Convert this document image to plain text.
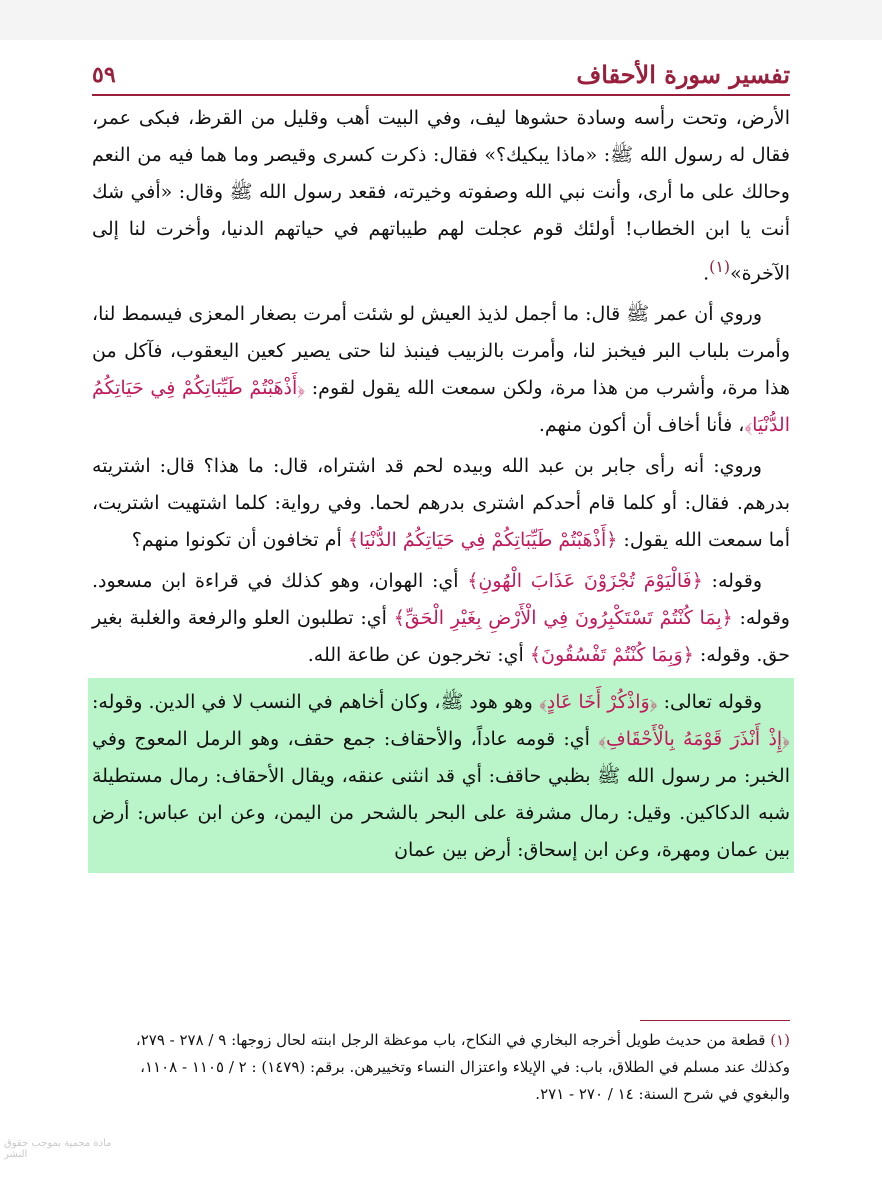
تفسير سورة الأحقاف
٥٩

الأرض، وتحت رأسه وسادة حشوها ليف، وفي البيت أهب وقليل من القرظ، فبكى عمر، فقال له رسول الله ﷺ: «ماذا يبكيك؟» فقال: ذكرت كسرى وقيصر وما هما فيه من النعم وحالك على ما أرى، وأنت نبي الله وصفوته وخيرته، فقعد رسول الله ﷺ وقال: «أفي شك أنت يا ابن الخطاب! أولئك قوم عجلت لهم طيباتهم في حياتهم الدنيا، وأخرت لنا إلى الآخرة»$^{(١)}$.

وروي أن عمر ﷺ قال: ما أجمل لذيذ العيش لو شئت أمرت بصغار المعزى فيسمط لنا، وأمرت بلباب البر فيخبز لنا، وأمرت بالزبيب فينبذ لنا حتى يصير كعين اليعقوب، فآكل من هذا مرة، وأشرب من هذا مرة، ولكن سمعت الله يقول لقوم: ﴿أَذْهَبْتُمْ طَيِّبَاتِكُمْ فِي حَيَاتِكُمُ الدُّنْيَا﴾، فأنا أخاف أن أكون منهم.

وروي: أنه رأى جابر بن عبد الله وبيده لحم قد اشتراه، قال: ما هذا؟ قال: اشتريته بدرهم. فقال: أو كلما قام أحدكم اشترى بدرهم لحما. وفي رواية: كلما اشتهيت اشتريت، أما سمعت الله يقول: ﴿أَذْهَبْتُمْ طَيِّبَاتِكُمْ فِي حَيَاتِكُمُ الدُّنْيَا﴾ أم تخافون أن تكونوا منهم؟

وقوله: ﴿فَالْيَوْمَ تُجْزَوْنَ عَذَابَ الْهُونِ﴾ أي: الهوان، وهو كذلك في قراءة ابن مسعود. وقوله: ﴿بِمَا كُنْتُمْ تَسْتَكْبِرُونَ فِي الْأَرْضِ بِغَيْرِ الْحَقِّ﴾ أي: تطلبون العلو والرفعة والغلبة بغير حق. وقوله: ﴿وَبِمَا كُنْتُمْ تَفْسُقُونَ﴾ أي: تخرجون عن طاعة الله.

وقوله تعالى: ﴿وَاذْكُرْ أَخَا عَادٍ﴾ وهو هود ﷺ، وكان أخاهم في النسب لا في الدين. وقوله: ﴿إِذْ أَنْذَرَ قَوْمَهُ بِالْأَحْقَافِ﴾ أي: قومه عاداً، والأحقاف: جمع حقف، وهو الرمل المعوج وفي الخبر: مر رسول الله ﷺ بظبي حاقف: أي قد انثنى عنقه، ويقال الأحقاف: رمال مستطيلة شبه الدكاكين. وقيل: رمال مشرفة على البحر بالشحر من اليمن، وعن ابن عباس: أرض بين عمان ومهرة، وعن ابن إسحاق: أرض بين عمان

(١) قطعة من حديث طويل أخرجه البخاري في النكاح، باب موعظة الرجل ابنته لحال زوجها: ٩ / ٢٧٨ - ٢٧٩، وكذلك عند مسلم في الطلاق، باب: في الإيلاء واعتزال النساء وتخييرهن. برقم: (١٤٧٩) : ٢ / ١١٠٥ - ١١٠٨، والبغوي في شرح السنة: ١٤ / ٢٧٠ - ٢٧١.
مادة محمية بموجب حقوق النشر
